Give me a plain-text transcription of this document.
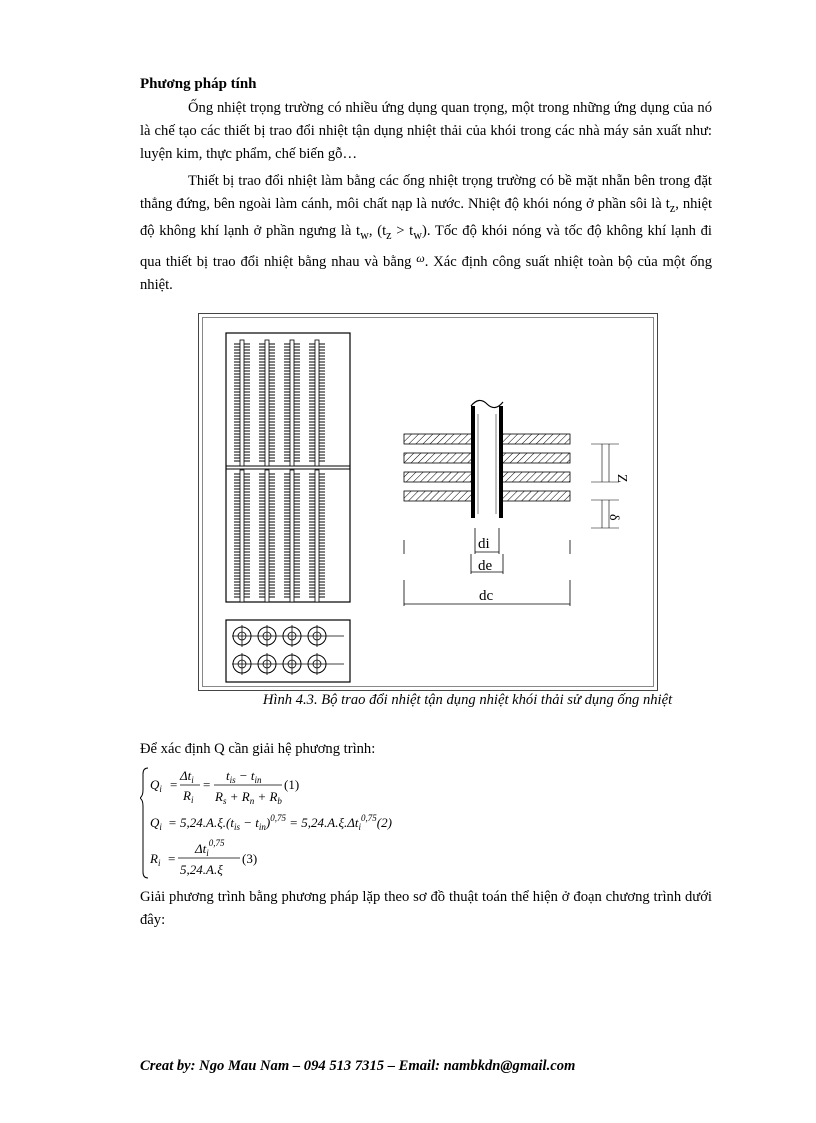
Phương pháp tính

Ống nhiệt trọng trường có nhiều ứng dụng quan trọng, một trong những ứng dụng của nó là chế tạo các thiết bị trao đổi nhiệt tận dụng nhiệt thải của khói trong các nhà máy sản xuất như: luyện kim, thực phẩm, chế biến gỗ…

Thiết bị trao đổi nhiệt làm bằng các ống nhiệt trọng trường có bề mặt nhẵn bên trong đặt thẳng đứng, bên ngoài làm cánh, môi chất nạp là nước. Nhiệt độ khói nóng ở phần sôi là $t_z$, nhiệt độ không khí lạnh ở phần ngưng là $t_w$, $(t_z > t_w)$. Tốc độ khói nóng và tốc độ không khí lạnh đi qua thiết bị trao đổi nhiệt bằng nhau và bằng $^\omega$. Xác định công suất nhiệt toàn bộ của một ống nhiệt.

di
de
dc
Z
δ
Hình 4.3. Bộ trao đổi nhiệt tận dụng nhiệt khói thải sử dụng ống nhiệt
Để xác định Q cần giải hệ phương trình:
$Q_i$ =
$\Delta t_i$
$R_i$
=
$t_{is} - t_{in}$
$R_s + R_n + R_b$
(1)
$Q_i = 5,24.A.\xi.(t_{is} - t_{in})^{0,75} = 5,24.A.\xi.\Delta t_i^{0,75}(2)$
$R_i$ =
$\Delta t_i^{0,75}$
5,24.A.ξ
(3)

Giải phương trình bằng phương pháp lặp theo sơ đồ thuật toán thể hiện ở đoạn chương trình dưới đây:

Creat by: Ngo Mau Nam – 094 513 7315 – Email: nambkdn@gmail.com
